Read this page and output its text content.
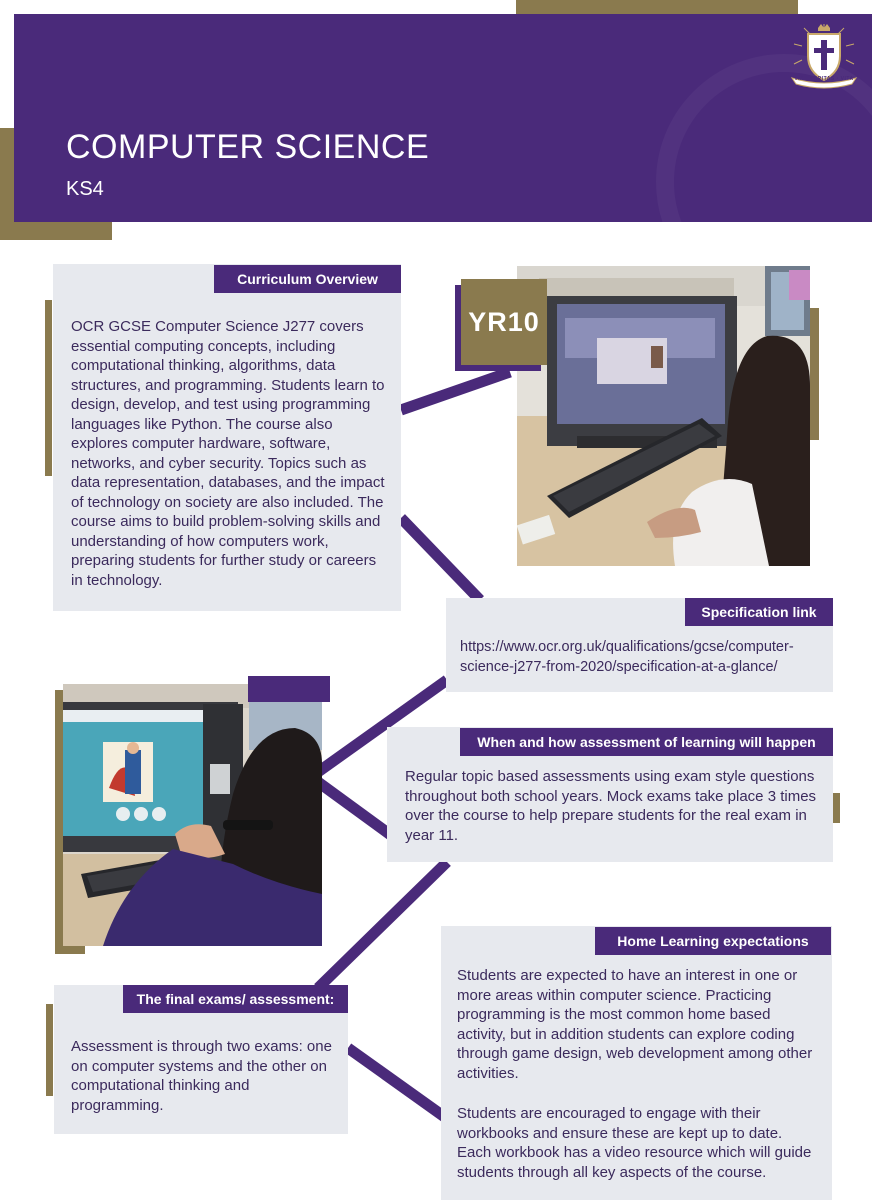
COMPUTER SCIENCE
KS4
VIA · VERITAS · VITA
Curriculum Overview
OCR GCSE Computer Science J277 covers essential computing concepts, including computational thinking, algorithms, data structures, and programming. Students learn to design, develop, and test using programming languages like Python. The course also explores computer hardware, software, networks, and cyber security. Topics such as data representation, databases, and the impact of technology on society are also included. The course aims to build problem-solving skills and understanding of how computers work, preparing students for further study or careers in technology.
YR10
Specification link
https://www.ocr.org.uk/qualifications/gcse/computer-science-j277-from-2020/specification-at-a-glance/
When and how assessment of learning will happen
Regular topic based assessments using exam style questions throughout both school years. Mock exams take place 3 times over the course to help prepare students for the real exam in year 11.
Home Learning expectations
Students are expected to have an interest in one or more areas within computer science. Practicing programming is the most common home based activity, but in addition students can explore coding through game design, web development among other activities.
Students are encouraged to engage with their workbooks and ensure these are kept up to date. Each workbook has a video resource which will guide students through all key aspects of the course.
The final exams/ assessment:
Assessment is through two exams: one on computer systems and the other on computational thinking and programming.
